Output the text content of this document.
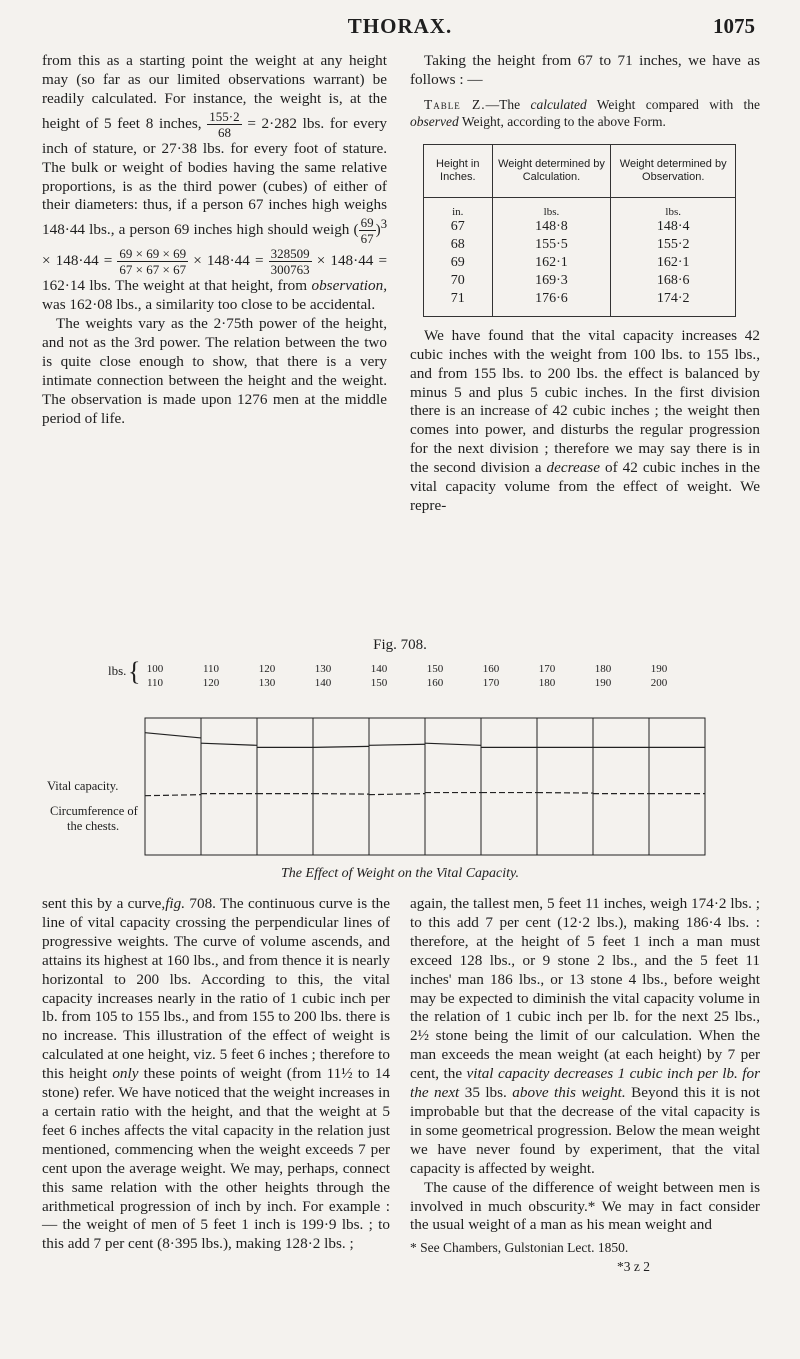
THORAX.	1075

from this as a starting point the weight at any height may (so far as our limited observations warrant) be readily calculated. For instance, the weight is, at the height of 5 feet 8 inches, $\frac{155\cdot 2}{68} = 2\cdot 282$ lbs. for every inch of stature, or 27·38 lbs. for every foot of stature. The bulk or weight of bodies having the same relative proportions, is as the third power (cubes) of either of their diameters: thus, if a person 67 inches high weighs 148·44 lbs., a person 69 inches high should weigh ( $\frac{69}{67} )^3 \times 148\cdot 44 = \frac{69 \times 69 \times 69}{67 \times 67 \times 67} \times 148\cdot 44 = \frac{328509}{300763} \times 148\cdot 44 = 162\cdot 14$ lbs. The weight at that height, from observation, was 162·08 lbs., a similarity too close to be accidental.

The weights vary as the 2·75th power of the height, and not as the 3rd power. The relation between the two is quite close enough to show, that there is a very intimate connection between the height and the weight. The observation is made upon 1276 men at the middle period of life.

Taking the height from 67 to 71 inches, we have as follows : —

Table Z.—The calculated Weight compared with the observed Weight, according to the above Form.

Height in Inches.	Weight determined by Calculation.	Weight determined by Observation.
in.	lbs.	lbs.
67	148·8	148·4
68	155·5	155·2
69	162·1	162·1
70	169·3	168·6
71	176·6	174·2

We have found that the vital capacity increases 42 cubic inches with the weight from 100 lbs. to 155 lbs., and from 155 lbs. to 200 lbs. the effect is balanced by minus 5 and plus 5 cubic inches. In the first division there is an increase of 42 cubic inches ; the weight then comes into power, and disturbs the regular progression for the next division ; therefore we may say there is in the second division a decrease of 42 cubic inches in the vital capacity volume from the effect of weight. We repre-

Fig. 708.
100
110
110
120
120
130
130
140
140
150
150
160
160
170
170
180
180
190
190
200
lbs. {
Vital capacity.
Circumference of
the chests.
The Effect of Weight on the Vital Capacity.

sent this by a curve,fig. 708. The continuous curve is the line of vital capacity crossing the perpendicular lines of progressive weights. The curve of volume ascends, and attains its highest at 160 lbs., and from thence it is nearly horizontal to 200 lbs. According to this, the vital capacity increases nearly in the ratio of 1 cubic inch per lb. from 105 to 155 lbs., and from 155 to 200 lbs. there is no increase. This illustration of the effect of weight is calculated at one height, viz. 5 feet 6 inches ; therefore to this height only these points of weight (from 11½ to 14 stone) refer. We have noticed that the weight increases in a certain ratio with the height, and that the weight at 5 feet 6 inches affects the vital capacity in the relation just mentioned, commencing when the weight exceeds 7 per cent upon the average weight. We may, perhaps, connect this same relation with the other heights through the arithmetical progression of inch by inch. For example : — the weight of men of 5 feet 1 inch is 199·9 lbs. ; to this add 7 per cent (8·395 lbs.), making 128·2 lbs. ;

again, the tallest men, 5 feet 11 inches, weigh 174·2 lbs. ; to this add 7 per cent (12·2 lbs.), making 186·4 lbs. : therefore, at the height of 5 feet 1 inch a man must exceed 128 lbs., or 9 stone 2 lbs., and the 5 feet 11 inches' man 186 lbs., or 13 stone 4 lbs., before weight may be expected to diminish the vital capacity volume in the relation of 1 cubic inch per lb. for the next 25 lbs., 2½ stone being the limit of our calculation. When the man exceeds the mean weight (at each height) by 7 per cent, the vital capacity decreases 1 cubic inch per lb. for the next 35 lbs. above this weight. Beyond this it is not improbable but that the decrease of the vital capacity is in some geometrical progression. Below the mean weight we have never found by experiment, that the vital capacity is affected by weight.

The cause of the difference of weight between men is involved in much obscurity.* We may in fact consider the usual weight of a man as his mean weight and

* See Chambers, Gulstonian Lect. 1850.

*3 z 2
